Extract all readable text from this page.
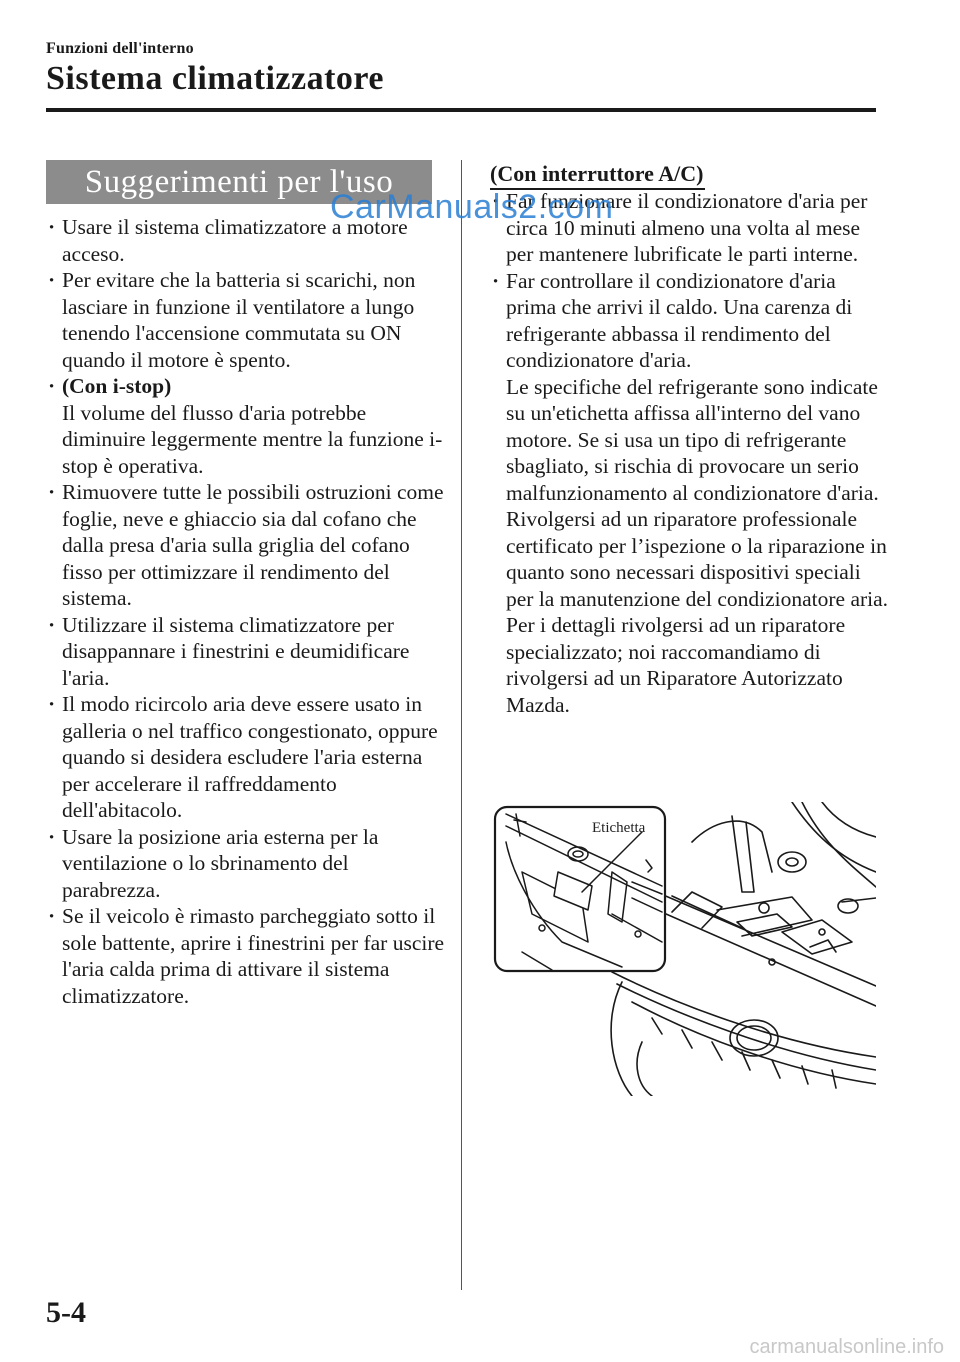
Funzioni dell'interno
Sistema climatizzatore
Suggerimenti per l'uso
· Usare il sistema climatizzatore a motore acceso.
· Per evitare che la batteria si scarichi, non lasciare in funzione il ventilatore a lungo tenendo l'accensione commutata su ON quando il motore è spento.
· (Con i-stop)
Il volume del flusso d'aria potrebbe diminuire leggermente mentre la funzione i-stop è operativa.
· Rimuovere tutte le possibili ostruzioni come foglie, neve e ghiaccio sia dal cofano che dalla presa d'aria sulla griglia del cofano fisso per ottimizzare il rendimento del sistema.
· Utilizzare il sistema climatizzatore per disappannare i finestrini e deumidificare l'aria.
· Il modo ricircolo aria deve essere usato in galleria o nel traffico congestionato, oppure quando si desidera escludere l'aria esterna per accelerare il raffreddamento dell'abitacolo.
· Usare la posizione aria esterna per la ventilazione o lo sbrinamento del parabrezza.
· Se il veicolo è rimasto parcheggiato sotto il sole battente, aprire i finestrini per far uscire l'aria calda prima di attivare il sistema climatizzatore.
(Con interruttore A/C)
· Far funzionare il condizionatore d'aria per circa 10 minuti almeno una volta al mese per mantenere lubrificate le parti interne.
· Far controllare il condizionatore d'aria prima che arrivi il caldo. Una carenza di refrigerante abbassa il rendimento del condizionatore d'aria.
Le specifiche del refrigerante sono indicate su un'etichetta affissa all'interno del vano motore. Se si usa un tipo di refrigerante sbagliato, si rischia di provocare un serio malfunzionamento al condizionatore d'aria. Rivolgersi ad un riparatore professionale certificato per l’ispezione o la riparazione in quanto sono necessari dispositivi speciali per la manutenzione del condizionatore aria.
Per i dettagli rivolgersi ad un riparatore specializzato; noi raccomandiamo di rivolgersi ad un Riparatore Autorizzato Mazda.
Etichetta
CarManuals2.com
5-4
carmanualsonline.info
